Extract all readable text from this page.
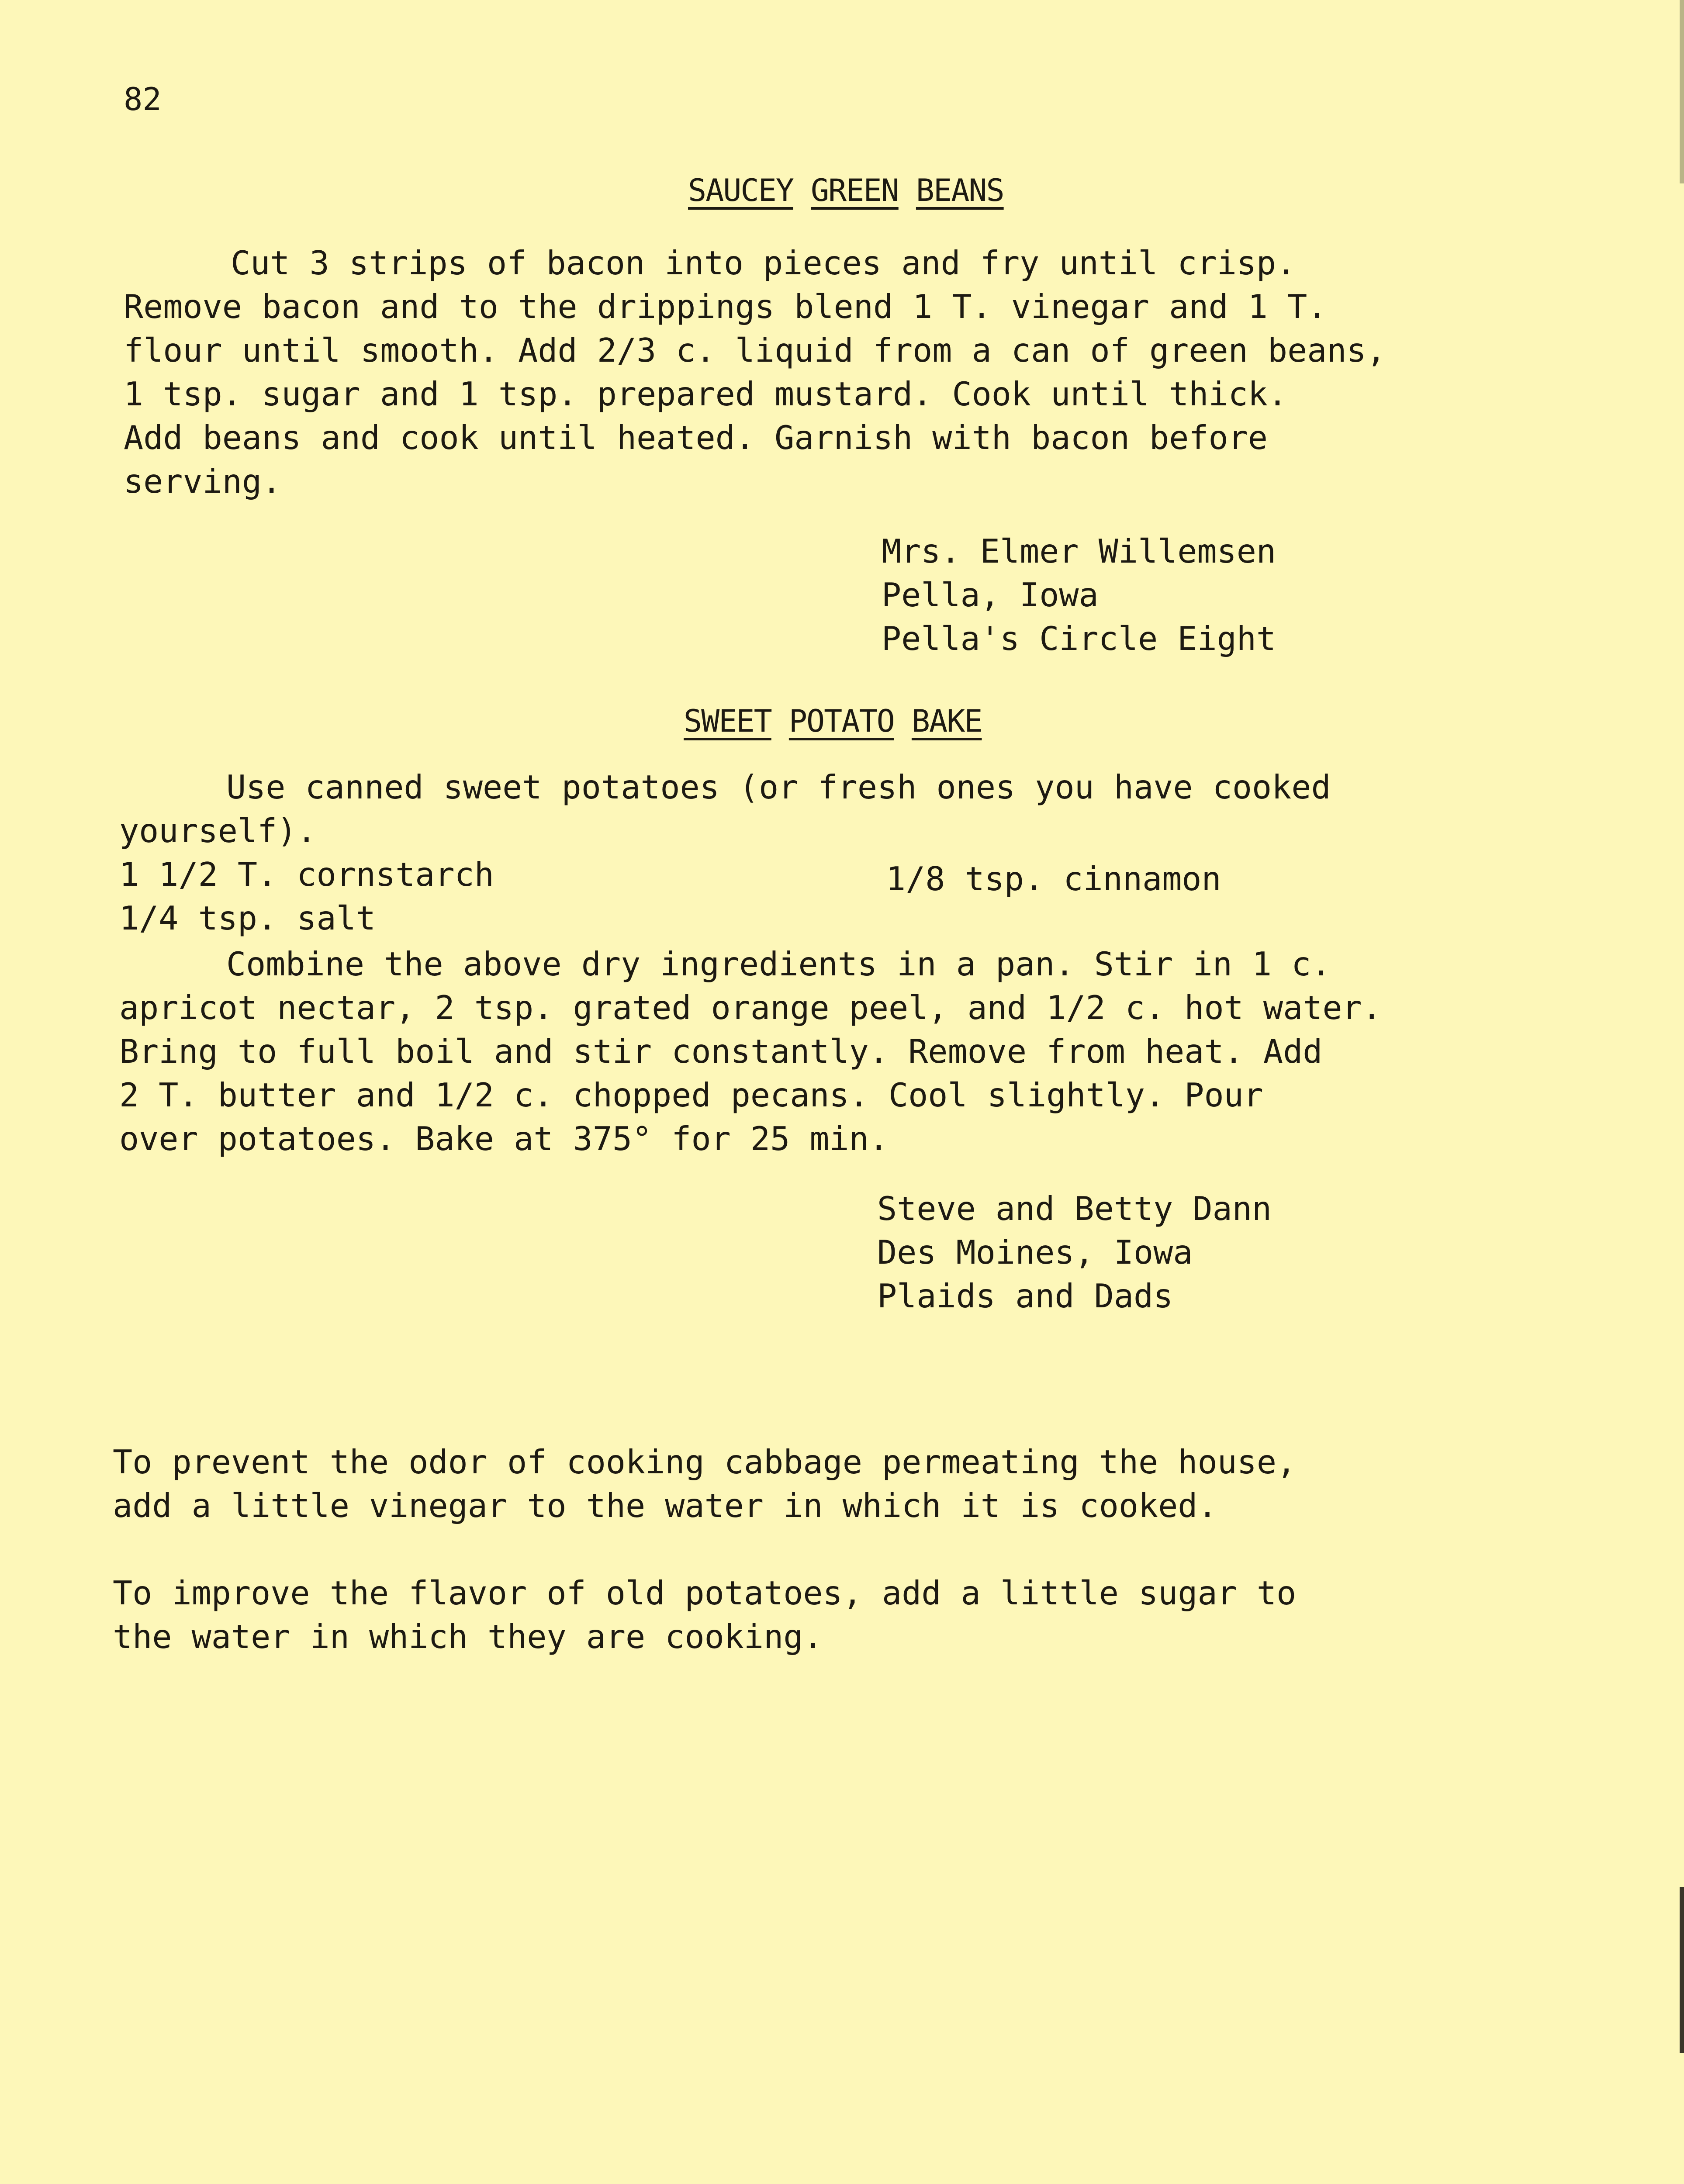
82
SAUCEY GREEN BEANS
Cut 3 strips of bacon into pieces and fry until crisp.
Remove bacon and to the drippings blend 1 T. vinegar and 1 T.
flour until smooth. Add 2/3 c. liquid from a can of green beans,
1 tsp. sugar and 1 tsp. prepared mustard. Cook until thick.
Add beans and cook until heated. Garnish with bacon before
serving.
Mrs. Elmer Willemsen
Pella, Iowa
Pella's Circle Eight
SWEET POTATO BAKE
Use canned sweet potatoes (or fresh ones you have cooked
yourself).
1 1/2 T. cornstarch	1/8 tsp. cinnamon
1/4 tsp. salt
Combine the above dry ingredients in a pan. Stir in 1 c.
apricot nectar, 2 tsp. grated orange peel, and 1/2 c. hot water.
Bring to full boil and stir constantly. Remove from heat. Add
2 T. butter and 1/2 c. chopped pecans. Cool slightly. Pour
over potatoes. Bake at 375° for 25 min.
Steve and Betty Dann
Des Moines, Iowa
Plaids and Dads
To prevent the odor of cooking cabbage permeating the house,
add a little vinegar to the water in which it is cooked.
To improve the flavor of old potatoes, add a little sugar to
the water in which they are cooking.
